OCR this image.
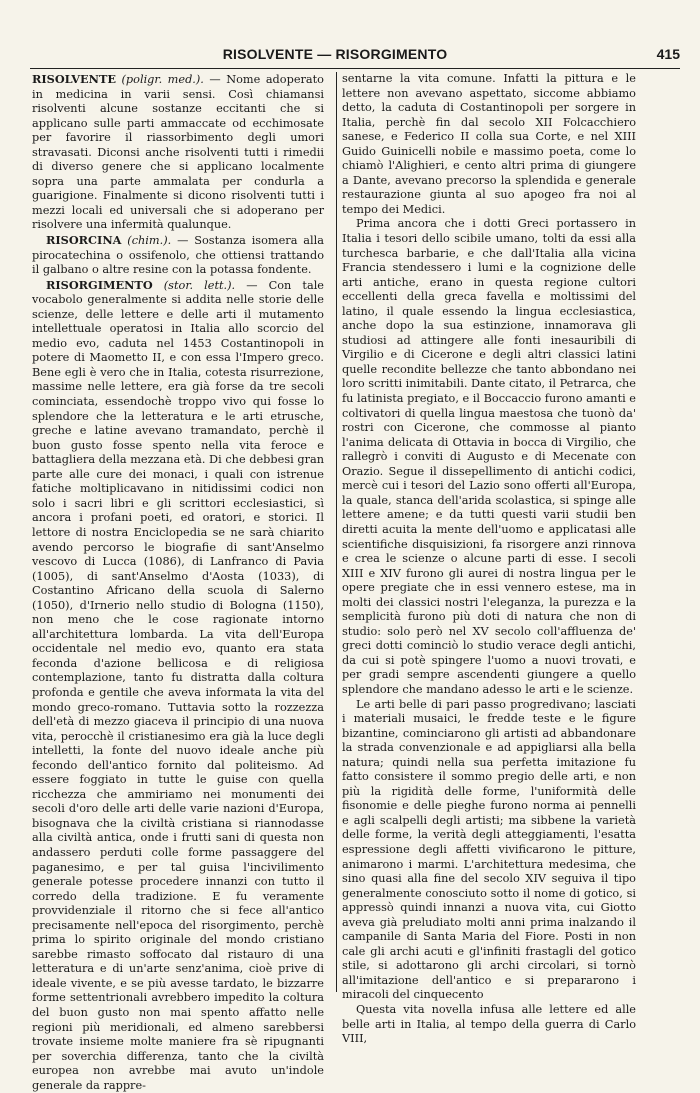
RISOLVENTE — RISORGIMENTO	415

RISOLVENTE (poligr. med.). — Nome adoperato in medicina in varii sensi. Così chiamansi risolventi alcune sostanze eccitanti che si applicano sulle parti ammaccate od ecchimosate per favorire il riassorbimento degli umori stravasati. Diconsi anche risolventi tutti i rimedii di diverso genere che si applicano localmente sopra una parte ammalata per condurla a guarigione. Finalmente si dicono risolventi tutti i mezzi locali ed universali che si adoperano per risolvere una infermità qualunque.

RISORCINA (chim.). — Sostanza isomera alla pirocatechina o ossifenolo, che ottiensi trattando il galbano o altre resine con la potassa fondente.

RISORGIMENTO (stor. lett.). — Con tale vocabolo generalmente si addita nelle storie delle scienze, delle lettere e delle arti il mutamento intellettuale operatosi in Italia allo scorcio del medio evo, caduta nel 1453 Costantinopoli in potere di Maometto II, e con essa l'Impero greco. Bene egli è vero che in Italia, cotesta risurrezione, massime nelle lettere, era già forse da tre secoli cominciata, essendochè troppo vivo qui fosse lo splendore che la letteratura e le arti etrusche, greche e latine avevano tramandato, perchè il buon gusto fosse spento nella vita feroce e battagliera della mezzana età. Di che debbesi gran parte alle cure dei monaci, i quali con istrenue fatiche moltiplicavano in nitidissimi codici non solo i sacri libri e gli scrittori ecclesiastici, sì ancora i profani poeti, ed oratori, e storici. Il lettore di nostra Enciclopedia se ne sarà chiarito avendo percorso le biografie di sant'Anselmo vescovo di Lucca (1086), di Lanfranco di Pavia (1005), di sant'Anselmo d'Aosta (1033), di Costantino Africano della scuola di Salerno (1050), d'Irnerio nello studio di Bologna (1150), non meno che le cose ragionate intorno all'architettura lombarda. La vita dell'Europa occidentale nel medio evo, quanto era stata feconda d'azione bellicosa e di religiosa contemplazione, tanto fu distratta dalla coltura profonda e gentile che aveva informata la vita del mondo greco-romano. Tuttavia sotto la rozzezza dell'età di mezzo giaceva il principio di una nuova vita, perocchè il cristianesimo era già la luce degli intelletti, la fonte del nuovo ideale anche più fecondo dell'antico fornito dal politeismo. Ad essere foggiato in tutte le guise con quella ricchezza che ammiriamo nei monumenti dei secoli d'oro delle arti delle varie nazioni d'Europa, bisognava che la civiltà cristiana si riannodasse alla civiltà antica, onde i frutti sani di questa non andassero perduti colle forme passaggere del paganesimo, e per tal guisa l'incivilimento generale potesse procedere innanzi con tutto il corredo della tradizione. E fu veramente provvidenziale il ritorno che si fece all'antico precisamente nell'epoca del risorgimento, perchè prima lo spirito originale del mondo cristiano sarebbe rimasto soffocato dal ristauro di una letteratura e di un'arte senz'anima, cioè prive di ideale vivente, e se più avesse tardato, le bizzarre forme settentrionali avrebbero impedito la coltura del buon gusto non mai spento affatto nelle regioni più meridionali, ed almeno sarebbersi trovate insieme molte maniere fra sè ripugnanti per soverchia differenza, tanto che la civiltà europea non avrebbe mai avuto un'indole generale da rappre-

sentarne la vita comune. Infatti la pittura e le lettere non avevano aspettato, siccome abbiamo detto, la caduta di Costantinopoli per sorgere in Italia, perchè fin dal secolo XII Folcacchiero sanese, e Federico II colla sua Corte, e nel XIII Guido Guinicelli nobile e massimo poeta, come lo chiamò l'Alighieri, e cento altri prima di giungere a Dante, avevano precorso la splendida e generale restaurazione giunta al suo apogeo fra noi al tempo dei Medici.

Prima ancora che i dotti Greci portassero in Italia i tesori dello scibile umano, tolti da essi alla turchesca barbarie, e che dall'Italia alla vicina Francia stendessero i lumi e la cognizione delle arti antiche, erano in questa regione cultori eccellenti della greca favella e moltissimi del latino, il quale essendo la lingua ecclesiastica, anche dopo la sua estinzione, innamorava gli studiosi ad attingere alle fonti inesauribili di Virgilio e di Cicerone e degli altri classici latini quelle recondite bellezze che tanto abbondano nei loro scritti inimitabili. Dante citato, il Petrarca, che fu latinista pregiato, e il Boccaccio furono amanti e coltivatori di quella lingua maestosa che tuonò da' rostri con Cicerone, che commosse al pianto l'anima delicata di Ottavia in bocca di Virgilio, che rallegrò i conviti di Augusto e di Mecenate con Orazio. Segue il dissepellimento di antichi codici, mercè cui i tesori del Lazio sono offerti all'Europa, la quale, stanca dell'arida scolastica, si spinge alle lettere amene; e da tutti questi varii studii ben diretti acuita la mente dell'uomo e applicatasi alle scientifiche disquisizioni, fa risorgere anzi rinnova e crea le scienze o alcune parti di esse. I secoli XIII e XIV furono gli aurei di nostra lingua per le opere pregiate che in essi vennero estese, ma in molti dei classici nostri l'eleganza, la purezza e la semplicità furono più doti di natura che non di studio: solo però nel XV secolo coll'affluenza de' greci dotti cominciò lo studio verace degli antichi, da cui si potè spingere l'uomo a nuovi trovati, e per gradi sempre ascendenti giungere a quello splendore che mandano adesso le arti e le scienze.

Le arti belle di pari passo progredivano; lasciati i materiali musaici, le fredde teste e le figure bizantine, cominciarono gli artisti ad abbandonare la strada convenzionale e ad appigliarsi alla bella natura; quindi nella sua perfetta imitazione fu fatto consistere il sommo pregio delle arti, e non più la rigidità delle forme, l'uniformità delle fisonomie e delle pieghe furono norma ai pennelli e agli scalpelli degli artisti; ma sibbene la varietà delle forme, la verità degli atteggiamenti, l'esatta espressione degli affetti vivificarono le pitture, animarono i marmi. L'architettura medesima, che sino quasi alla fine del secolo XIV seguiva il tipo generalmente conosciuto sotto il nome di gotico, si appressò quindi innanzi a nuova vita, cui Giotto aveva già preludiato molti anni prima inalzando il campanile di Santa Maria del Fiore. Posti in non cale gli archi acuti e gl'infiniti frastagli del gotico stile, si adottarono gli archi circolari, si tornò all'imitazione dell'antico e si prepararono i miracoli del cinquecento

Questa vita novella infusa alle lettere ed alle belle arti in Italia, al tempo della guerra di Carlo VIII,
